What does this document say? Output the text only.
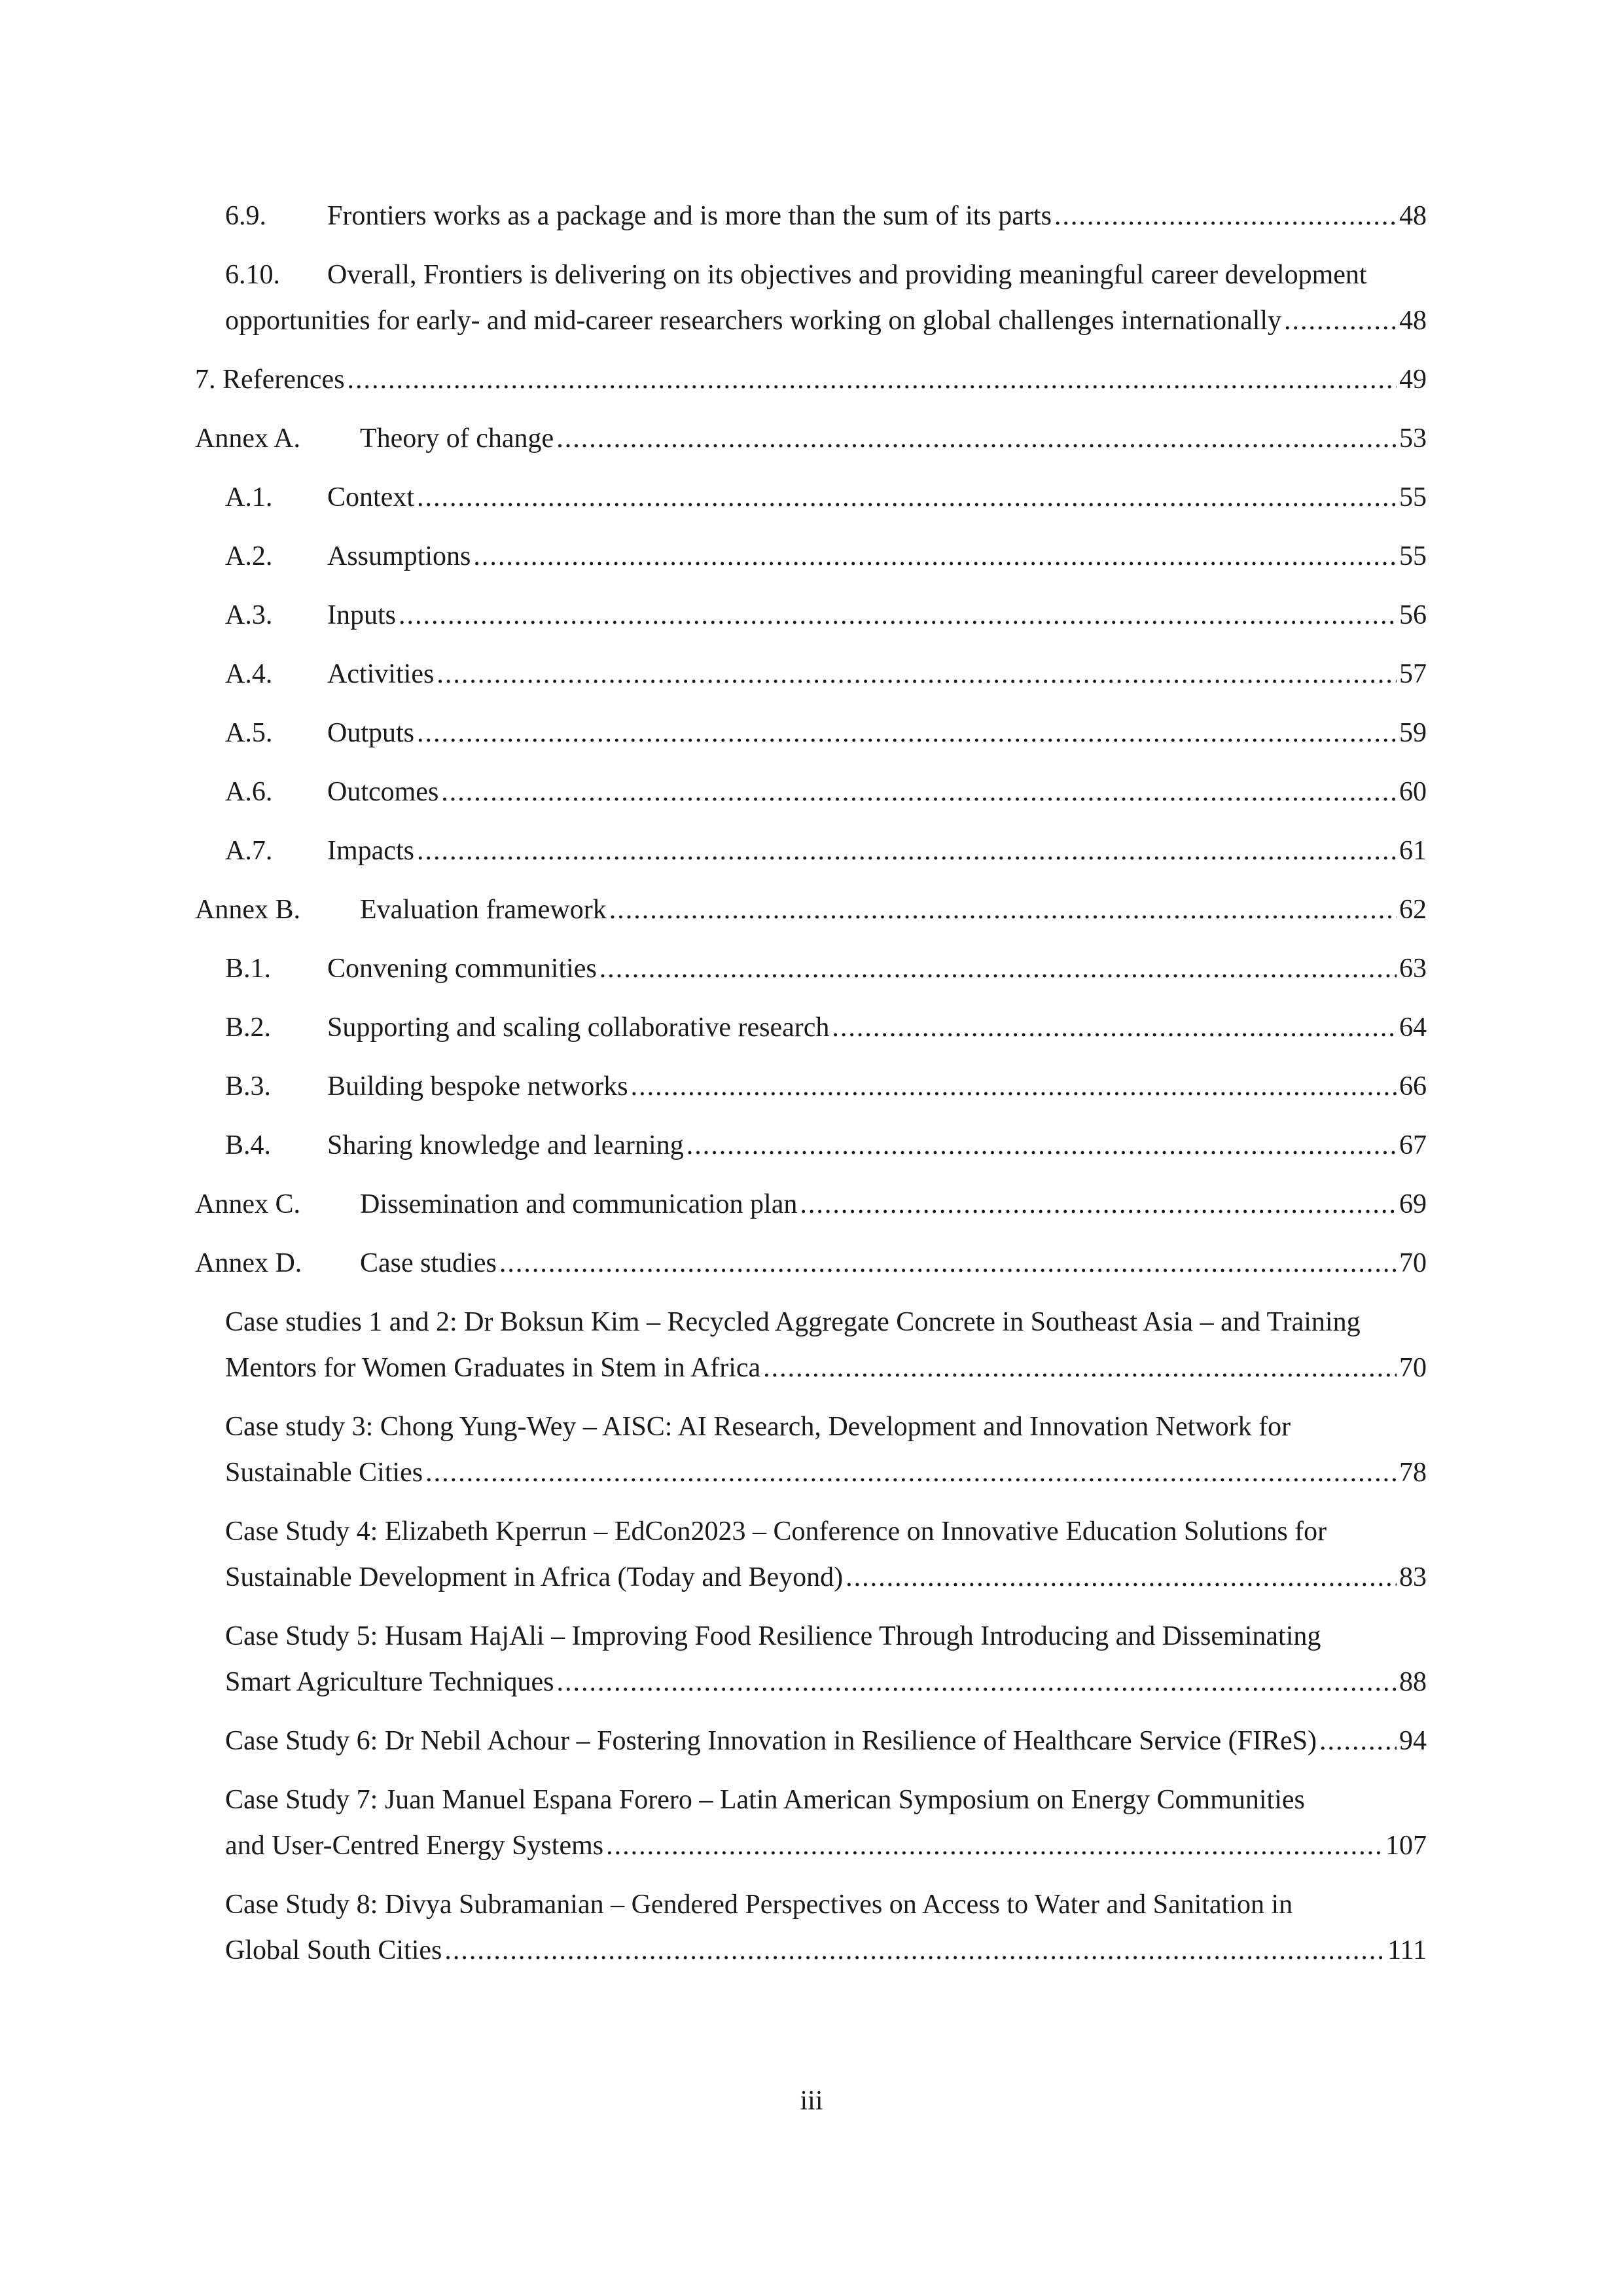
6.9. Frontiers works as a package and is more than the sum of its parts .....	48
6.10. Overall, Frontiers is delivering on its objectives and providing meaningful career development
opportunities for early- and mid-career researchers working on global challenges internationally .....	48
7. References .....	49
Annex A. Theory of change .....	53
A.1. Context .....	55
A.2. Assumptions .....	55
A.3. Inputs .....	56
A.4. Activities .....	57
A.5. Outputs .....	59
A.6. Outcomes .....	60
A.7. Impacts .....	61
Annex B. Evaluation framework .....	62
B.1. Convening communities .....	63
B.2. Supporting and scaling collaborative research .....	64
B.3. Building bespoke networks .....	66
B.4. Sharing knowledge and learning .....	67
Annex C. Dissemination and communication plan .....	69
Annex D. Case studies .....	70
Case studies 1 and 2: Dr Boksun Kim – Recycled Aggregate Concrete in Southeast Asia – and Training
Mentors for Women Graduates in Stem in Africa .....	70
Case study 3: Chong Yung-Wey – AISC: AI Research, Development and Innovation Network for
Sustainable Cities .....	78
Case Study 4: Elizabeth Kperrun – EdCon2023 – Conference on Innovative Education Solutions for
Sustainable Development in Africa (Today and Beyond) .....	83
Case Study 5: Husam HajAli – Improving Food Resilience Through Introducing and Disseminating
Smart Agriculture Techniques .....	88
Case Study 6: Dr Nebil Achour – Fostering Innovation in Resilience of Healthcare Service (FIReS) .....	94
Case Study 7: Juan Manuel Espana Forero – Latin American Symposium on Energy Communities
and User-Centred Energy Systems .....	107
Case Study 8: Divya Subramanian – Gendered Perspectives on Access to Water and Sanitation in
Global South Cities .....	111
iii
